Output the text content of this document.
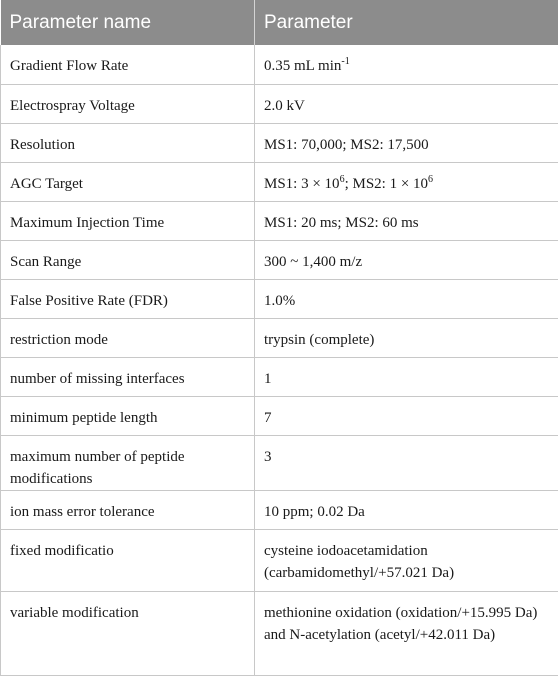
Parameter name	Parameter
Gradient Flow Rate	0.35 mL $\min^{-1}$
Electrospray Voltage	2.0 kV
Resolution	MS1: 70,000; MS2: 17,500
AGC Target	MS1: $3 \times 10^6$; MS2: $1 \times 10^6$
Maximum Injection Time	MS1: 20 ms; MS2: 60 ms
Scan Range	300 ~ 1,400 m/z
False Positive Rate (FDR)	1.0%
restriction mode	trypsin (complete)
number of missing interfaces	1
minimum peptide length	7
maximum number of peptide modifications	3
ion mass error tolerance	10 ppm; 0.02 Da
fixed modificatio	cysteine iodoacetamidation (carbamidomethyl/+57.021 Da)
variable modification	methionine oxidation (oxidation/+15.995 Da) and N-acetylation (acetyl/+42.011 Da)
